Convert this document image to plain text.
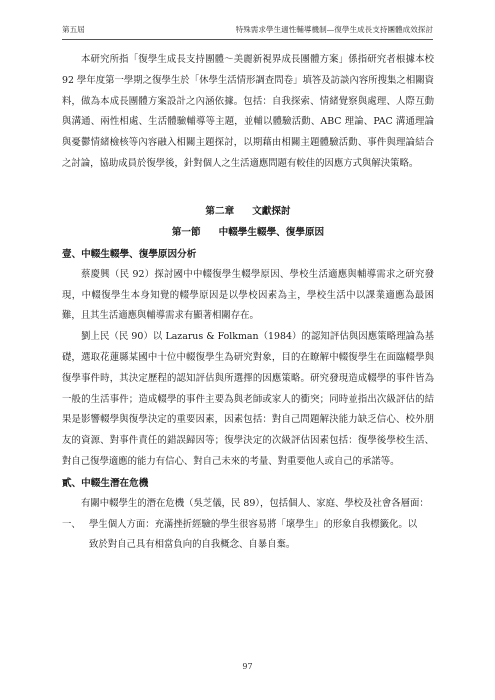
第五屆	特殊需求學生適性輔導機制—復學生成長支持團體成效探討

本研究所指「復學生成長支持團體～美麗新視界成長團體方案」係指研究者根據本校 92 學年度第一學期之復學生於「休學生活情形調查問卷」填答及訪談內容所搜集之相關資料，做為本成長團體方案設計之內涵依據。包括：自我探索、情緒覺察與處理、人際互動與溝通、兩性相處、生活體驗輔導等主題，並輔以體驗活動、ABC 理論、PAC 溝通理論與憂鬱情緒檢核等內容融入相關主題探討，以期藉由相關主題體驗活動、事件與理論結合之討論，協助成員於復學後，針對個人之生活適應問題有較佳的因應方式與解決策略。

第二章 文獻探討
第一節 中輟學生輟學、復學原因
壹、中輟生輟學、復學原因分析

蔡慶興（民 92）探討國中中輟復學生輟學原因、學校生活適應與輔導需求之研究發現，中輟復學生本身知覺的輟學原因是以學校因素為主，學校生活中以課業適應為最困難，且其生活適應與輔導需求有顯著相關存在。

劉上民（民 90）以 Lazarus & Folkman（1984）的認知評估與因應策略理論為基礎，選取花蓮縣某國中十位中輟復學生為研究對象，目的在瞭解中輟復學生在面臨輟學與復學事件時，其決定歷程的認知評估與所選擇的因應策略。研究發現造成輟學的事件皆為一般的生活事件；造成輟學的事件主要為與老師或家人的衝突；同時並指出次級評估的結果是影響輟學與復學決定的重要因素，因素包括：對自己問題解決能力缺乏信心、校外朋友的資源、對事件責任的錯誤歸因等；復學決定的次級評估因素包括：復學後學校生活、對自己復學適應的能力有信心、對自己未來的考量、對重要他人或自己的承諾等。

貳、中輟生潛在危機

有關中輟學生的潛在危機（吳芝儀，民 89），包括個人、家庭、學校及社會各層面：

一、 學生個人方面：充滿挫折經驗的學生很容易將「壞學生」的形象自我標籤化。以
致於對自己具有相當負向的自我概念、自暴自棄。
97
